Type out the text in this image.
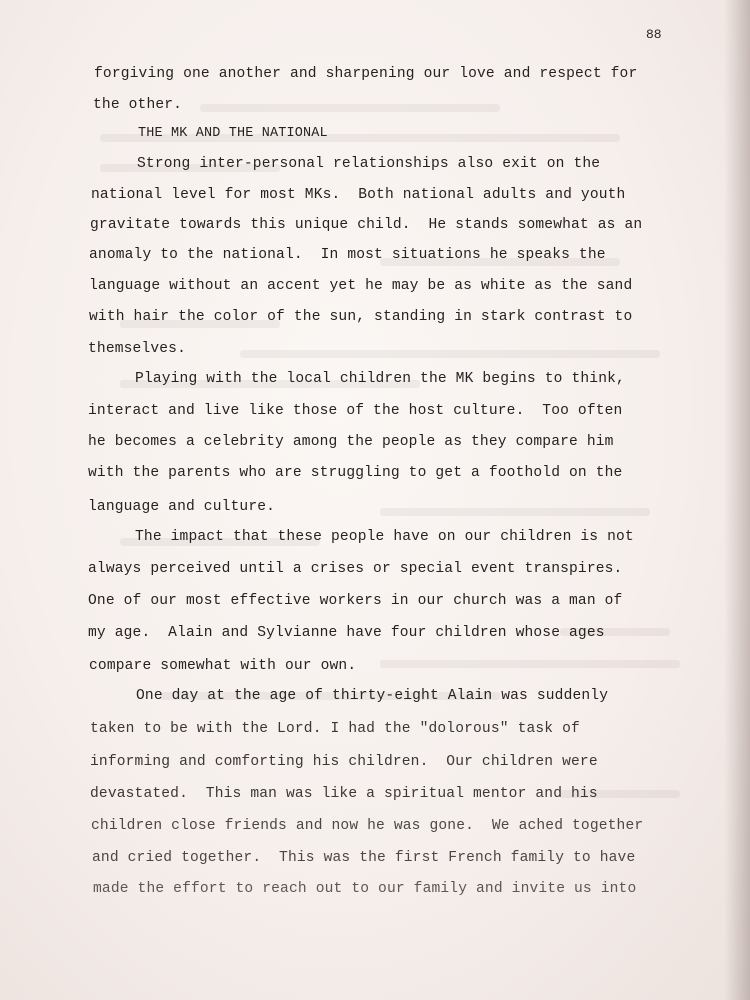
88
forgiving one another and sharpening our love and respect for
the other.
THE MK AND THE NATIONAL
Strong inter-personal relationships also exit on the
national level for most MKs.  Both national adults and youth
gravitate towards this unique child.  He stands somewhat as an
anomaly to the national.  In most situations he speaks the
language without an accent yet he may be as white as the sand
with hair the color of the sun, standing in stark contrast to
themselves.
Playing with the local children the MK begins to think,
interact and live like those of the host culture.  Too often
he becomes a celebrity among the people as they compare him
with the parents who are struggling to get a foothold on the
language and culture.
The impact that these people have on our children is not
always perceived until a crises or special event transpires.
One of our most effective workers in our church was a man of
my age.  Alain and Sylvianne have four children whose ages
compare somewhat with our own.
One day at the age of thirty-eight Alain was suddenly
taken to be with the Lord. I had the "dolorous" task of
informing and comforting his children.  Our children were
devastated.  This man was like a spiritual mentor and his
children close friends and now he was gone.  We ached together
and cried together.  This was the first French family to have
made the effort to reach out to our family and invite us into
